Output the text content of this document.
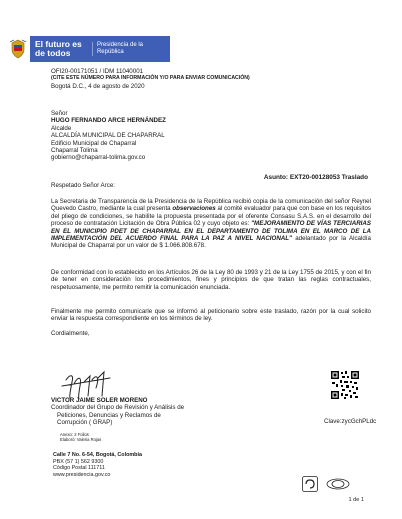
El futuro es de todos
Presidencia de la República
OFI20-00171051 / IDM 11040001
(CITE ESTE NÚMERO PARA INFORMACIÓN Y/O PARA ENVIAR COMUNICACIÓN)
Bogotá D.C., 4 de agosto de 2020
Señor
HUGO FERNANDO ARCE HERNÁNDEZ
Alcalde
ALCALDÍA MUNICIPAL DE CHAPARRAL
Edificio Municipal de Chaparral
Chaparral Tolima
gobierno@chaparral-tolima.gov.co
Asunto: EXT20-00128053 Traslado
Respetado Señor Arce:
La Secretaria de Transparencia de la Presidencia de la República recibió copia de la comunicación del señor Reynel Quevedo Castro, mediante la cual presenta observaciones al comité evaluador para que con base en los requisitos del pliego de condiciones, se habilite la propuesta presentada por el oferente Consasu S.A.S. en el desarrollo del proceso de contratación Licitación de Obra Pública 02 y cuyo objeto es: "MEJORAMIENTO DE VÍAS TERCIARIAS EN EL MUNICIPIO PDET DE CHAPARRAL EN EL DEPARTAMENTO DE TOLIMA EN EL MARCO DE LA IMPLEMENTACIÓN DEL ACUERDO FINAL PARA LA PAZ A NIVEL NACIONAL" adelantado por la Alcaldía Municipal de Chaparral por un valor de $ 1.066.808.678.
De conformidad con lo establecido en los Artículos 26 de la Ley 80 de 1993 y 21 de la Ley 1755 de 2015, y con el fin de tener en consideración los procedimientos, fines y principios de que tratan las reglas contractuales, respetuosamente, me permito remitir la comunicación enunciada.
Finalmente me permito comunicarle que se informó al peticionario sobre este traslado, razón por la cual solicito enviar la respuesta correspondiente en los términos de ley.
Cordialmente,
VICTOR JAIME SOLER MORENO
Coordinador del Grupo de Revisión y Análisis de
Peticiones, Denuncias y Reclamos de
Corrupción ( GRAP)
Anexo: 2 Folios
Elaboró: Valeria Rojas
Clave:zycGchPLdc
Calle 7 No. 6-54, Bogotá, Colombia
PBX (57 1) 562 9300
Código Postal 111711
www.presidencia.gov.co

1 de 1
